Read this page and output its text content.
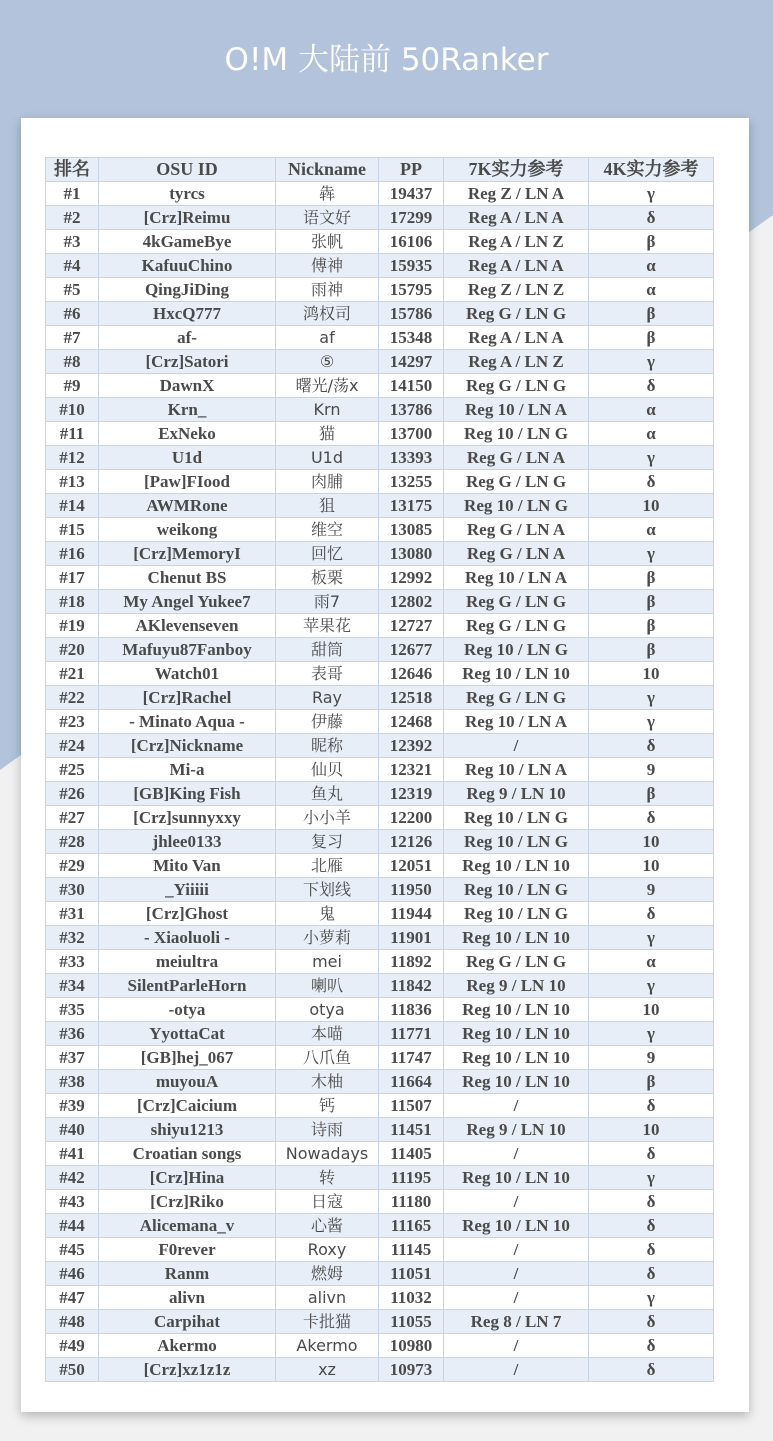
O!M 大陆前 50Ranker
排名	OSU ID	Nickname	PP	7K实力参考	4K实力参考
#1	tyrcs	犇	19437	Reg Z / LN A	γ
#2	[Crz]Reimu	语文好	17299	Reg A / LN A	δ
#3	4kGameBye	张帆	16106	Reg A / LN Z	β
#4	KafuuChino	傅神	15935	Reg A / LN A	α
#5	QingJiDing	雨神	15795	Reg Z / LN Z	α
#6	HxcQ777	鸿权司	15786	Reg G / LN G	β
#7	af-	af	15348	Reg A / LN A	β
#8	[Crz]Satori	⑤	14297	Reg A / LN Z	γ
#9	DawnX	曙光/荡x	14150	Reg G / LN G	δ
#10	Krn_	Krn	13786	Reg 10 / LN A	α
#11	ExNeko	猫	13700	Reg 10 / LN G	α
#12	U1d	U1d	13393	Reg G / LN A	γ
#13	[Paw]FIood	肉脯	13255	Reg G / LN G	δ
#14	AWMRone	狙	13175	Reg 10 / LN G	10
#15	weikong	维空	13085	Reg G / LN A	α
#16	[Crz]MemoryI	回忆	13080	Reg G / LN A	γ
#17	Chenut BS	板栗	12992	Reg 10 / LN A	β
#18	My Angel Yukee7	雨7	12802	Reg G / LN G	β
#19	AKlevenseven	苹果花	12727	Reg G / LN G	β
#20	Mafuyu87Fanboy	甜筒	12677	Reg 10 / LN G	β
#21	Watch01	表哥	12646	Reg 10 / LN 10	10
#22	[Crz]Rachel	Ray	12518	Reg G / LN G	γ
#23	- Minato Aqua -	伊藤	12468	Reg 10 / LN A	γ
#24	[Crz]Nickname	昵称	12392	/	δ
#25	Mi-a	仙贝	12321	Reg 10 / LN A	9
#26	[GB]King Fish	鱼丸	12319	Reg 9 / LN 10	β
#27	[Crz]sunnyxxy	小小羊	12200	Reg 10 / LN G	δ
#28	jhlee0133	复习	12126	Reg 10 / LN G	10
#29	Mito Van	北雁	12051	Reg 10 / LN 10	10
#30	_Yiiiii	下划线	11950	Reg 10 / LN G	9
#31	[Crz]Ghost	鬼	11944	Reg 10 / LN G	δ
#32	- Xiaoluoli -	小萝莉	11901	Reg 10 / LN 10	γ
#33	meiultra	mei	11892	Reg G / LN G	α
#34	SilentParleHorn	喇叭	11842	Reg 9 / LN 10	γ
#35	-otya	otya	11836	Reg 10 / LN 10	10
#36	YyottaCat	本喵	11771	Reg 10 / LN 10	γ
#37	[GB]hej_067	八爪鱼	11747	Reg 10 / LN 10	9
#38	muyouA	木柚	11664	Reg 10 / LN 10	β
#39	[Crz]Caicium	钙	11507	/	δ
#40	shiyu1213	诗雨	11451	Reg 9 / LN 10	10
#41	Croatian songs	Nowadays	11405	/	δ
#42	[Crz]Hina	转	11195	Reg 10 / LN 10	γ
#43	[Crz]Riko	日寇	11180	/	δ
#44	Alicemana_v	心酱	11165	Reg 10 / LN 10	δ
#45	F0rever	Roxy	11145	/	δ
#46	Ranm	燃姆	11051	/	δ
#47	alivn	alivn	11032	/	γ
#48	Carpihat	卡批猫	11055	Reg 8 / LN 7	δ
#49	Akermo	Akermo	10980	/	δ
#50	[Crz]xz1z1z	xz	10973	/	δ
